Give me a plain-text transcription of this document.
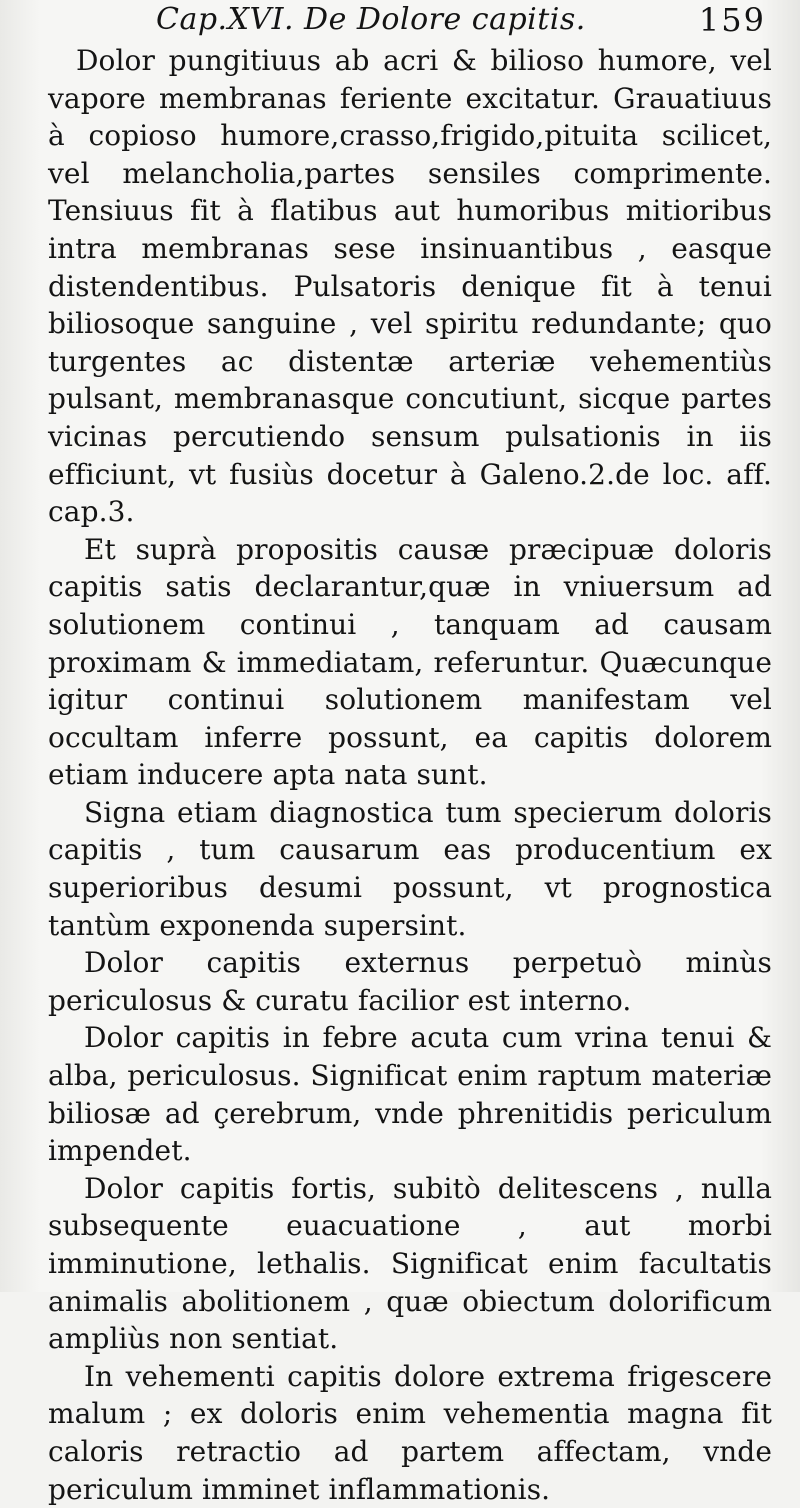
Cap.XVI. De Dolore capitis.	159

Dolor pungitiuus ab acri & bilioso humore, vel vapore membranas feriente excitatur. Grauatiuus à copioso humore,crasso,frigido,pituita scilicet, vel melancholia,partes sensiles comprimente. Tensiuus fit à flatibus aut humoribus mitioribus intra membranas sese insinuantibus , easque distendentibus. Pulsatoris denique fit à tenui biliosoque sanguine , vel spiritu redundante; quo turgentes ac distentæ arteriæ vehementiùs pulsant, membranasque concutiunt, sicque partes vicinas percutiendo sensum pulsationis in iis efficiunt, vt fusiùs docetur à Galeno.2.de loc. aff. cap.3.

Et suprà propositis causæ præcipuæ doloris capitis satis declarantur,quæ in vniuersum ad solutionem continui , tanquam ad causam proximam & immediatam, referuntur. Quæcunque igitur continui solutionem manifestam vel occultam inferre possunt, ea capitis dolorem etiam inducere apta nata sunt.

Signa etiam diagnostica tum specierum doloris capitis , tum causarum eas producentium ex superioribus desumi possunt, vt prognostica tantùm exponenda supersint.

Dolor capitis externus perpetuò minùs periculosus & curatu facilior est interno.

Dolor capitis in febre acuta cum vrina tenui & alba, periculosus. Significat enim raptum materiæ biliosæ ad çerebrum, vnde phrenitidis periculum impendet.

Dolor capitis fortis, subitò delitescens , nulla subsequente euacuatione , aut morbi imminutione, lethalis. Significat enim facultatis animalis abolitionem , quæ obiectum dolorificum ampliùs non sentiat.

In vehementi capitis dolore extrema frigescere malum ; ex doloris enim vehementia magna fit caloris retractio ad partem affectam, vnde periculum imminet inflammationis.
